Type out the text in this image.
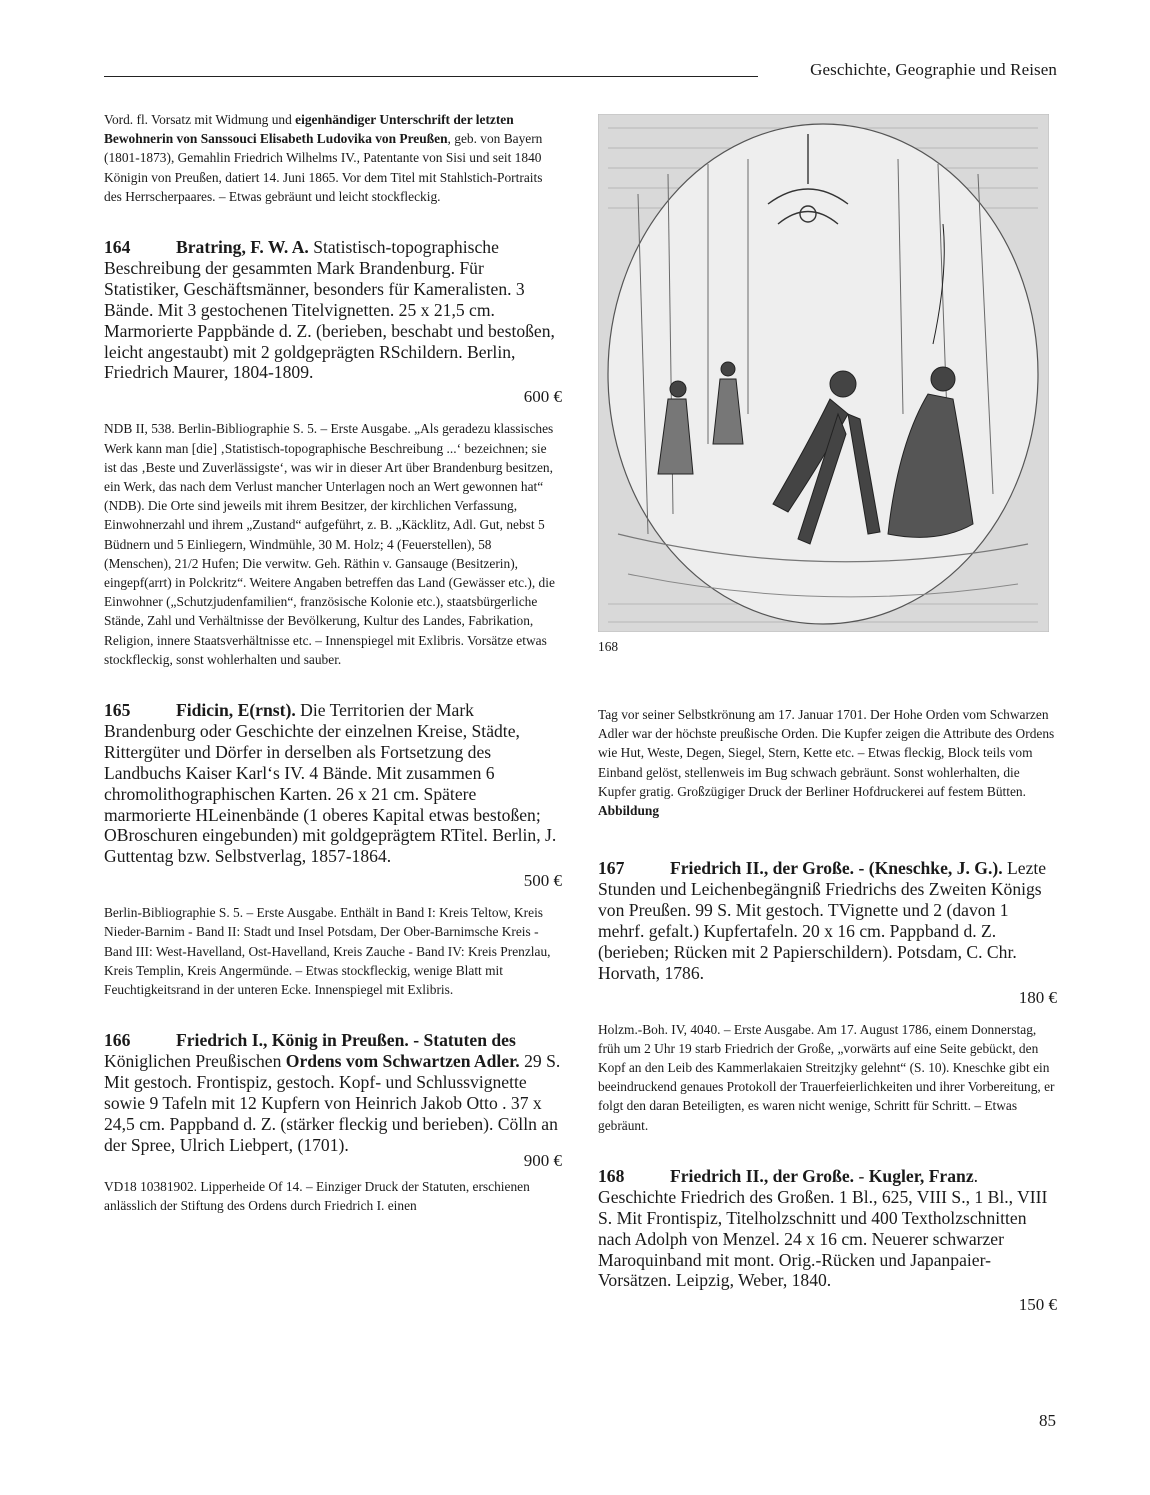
Geschichte, Geographie und Reisen

Vord. fl. Vorsatz mit Widmung und eigenhändiger Unterschrift der letzten Bewohnerin von Sanssouci Elisabeth Ludovika von Preußen, geb. von Bayern (1801-1873), Gemahlin Friedrich Wilhelms IV., Patentante von Sisi und seit 1840 Königin von Preußen, datiert 14. Juni 1865. Vor dem Titel mit Stahlstich-Portraits des Herrscherpaares. – Etwas gebräunt und leicht stockfleckig.

164	Bratring, F. W. A. Statistisch-topographische Beschreibung der gesammten Mark Brandenburg. Für Statistiker, Geschäftsmänner, besonders für Kameralisten. 3 Bände. Mit 3 gestochenen Titelvignetten. 25 x 21,5 cm. Marmorierte Pappbände d. Z. (berieben, beschabt und bestoßen, leicht angestaubt) mit 2 goldgeprägten RSchildern. Berlin, Friedrich Maurer, 1804-1809.

600 €

NDB II, 538. Berlin-Bibliographie S. 5. – Erste Ausgabe. „Als geradezu klassisches Werk kann man [die] ‚Statistisch-topographische Beschreibung ...‘ bezeichnen; sie ist das ‚Beste und Zuverlässigste‘, was wir in dieser Art über Brandenburg besitzen, ein Werk, das nach dem Verlust mancher Unterlagen noch an Wert gewonnen hat“ (NDB). Die Orte sind jeweils mit ihrem Besitzer, der kirchlichen Verfassung, Einwohnerzahl und ihrem „Zustand“ aufgeführt, z. B. „Käcklitz, Adl. Gut, nebst 5 Büdnern und 5 Einliegern, Windmühle, 30 M. Holz; 4 (Feuerstellen), 58 (Menschen), 21/2 Hufen; Die verwitw. Geh. Räthin v. Gansauge (Besitzerin), eingepf(arrt) in Polckritz“. Weitere Angaben betreffen das Land (Gewässer etc.), die Einwohner („Schutzjudenfamilien“, französische Kolonie etc.), staatsbürgerliche Stände, Zahl und Verhältnisse der Bevölkerung, Kultur des Landes, Fabrikation, Religion, innere Staatsverhältnisse etc. – Innenspiegel mit Exlibris. Vorsätze etwas stockfleckig, sonst wohlerhalten und sauber.

165	Fidicin, E(rnst). Die Territorien der Mark Brandenburg oder Geschichte der einzelnen Kreise, Städte, Rittergüter und Dörfer in derselben als Fortsetzung des Landbuchs Kaiser Karl‘s IV. 4 Bände. Mit zusammen 6 chromolithographischen Karten. 26 x 21 cm. Spätere marmorierte HLeinenbände (1 oberes Kapital etwas bestoßen; OBroschuren eingebunden) mit goldgeprägtem RTitel. Berlin, J. Guttentag bzw. Selbstverlag, 1857-1864.

500 €

Berlin-Bibliographie S. 5. – Erste Ausgabe. Enthält in Band I: Kreis Teltow, Kreis Nieder-Barnim - Band II: Stadt und Insel Potsdam, Der Ober-Barnimsche Kreis - Band III: West-Havelland, Ost-Havelland, Kreis Zauche - Band IV: Kreis Prenzlau, Kreis Templin, Kreis Angermünde. – Etwas stockfleckig, wenige Blatt mit Feuchtigkeitsrand in der unteren Ecke. Innenspiegel mit Exlibris.

166	Friedrich I., König in Preußen. - Statuten des Königlichen Preußischen Ordens vom Schwartzen Adler. 29 S. Mit gestoch. Frontispiz, gestoch. Kopf- und Schlussvignette sowie 9 Tafeln mit 12 Kupfern von Heinrich Jakob Otto . 37 x 24,5 cm. Pappband d. Z. (stärker fleckig und berieben). Cölln an der Spree, Ulrich Liebpert, (1701).

900 €

VD18 10381902. Lipperheide Of 14. – Einziger Druck der Statuten, erschienen anlässlich der Stiftung des Ordens durch Friedrich I. einen

168

Tag vor seiner Selbstkrönung am 17. Januar 1701. Der Hohe Orden vom Schwarzen Adler war der höchste preußische Orden. Die Kupfer zeigen die Attribute des Ordens wie Hut, Weste, Degen, Siegel, Stern, Kette etc. – Etwas fleckig, Block teils vom Einband gelöst, stellenweis im Bug schwach gebräunt. Sonst wohlerhalten, die Kupfer gratig. Großzügiger Druck der Berliner Hofdruckerei auf festem Bütten.

Abbildung

167	Friedrich II., der Große. - (Kneschke, J. G.). Lezte Stunden und Leichenbegängniß Friedrichs des Zweiten Königs von Preußen. 99 S. Mit gestoch. TVignette und 2 (davon 1 mehrf. gefalt.) Kupfertafeln. 20 x 16 cm. Pappband d. Z. (berieben; Rücken mit 2 Papierschildern). Potsdam, C. Chr. Horvath, 1786.

180 €

Holzm.-Boh. IV, 4040. – Erste Ausgabe. Am 17. August 1786, einem Donnerstag, früh um 2 Uhr 19 starb Friedrich der Große, „vorwärts auf eine Seite gebückt, den Kopf an den Leib des Kammerlakaien Streitzjky gelehnt“ (S. 10). Kneschke gibt ein beeindruckend genaues Protokoll der Trauerfeierlichkeiten und ihrer Vorbereitung, er folgt den daran Beteiligten, es waren nicht wenige, Schritt für Schritt. – Etwas gebräunt.

168	Friedrich II., der Große. - Kugler, Franz. Geschichte Friedrich des Großen. 1 Bl., 625, VIII S., 1 Bl., VIII S. Mit Frontispiz, Titelholzschnitt und 400 Textholzschnitten nach Adolph von Menzel. 24 x 16 cm. Neuerer schwarzer Maroquinband mit mont. Orig.-Rücken und Japanpaier-Vorsätzen. Leipzig, Weber, 1840.

150 €

85
